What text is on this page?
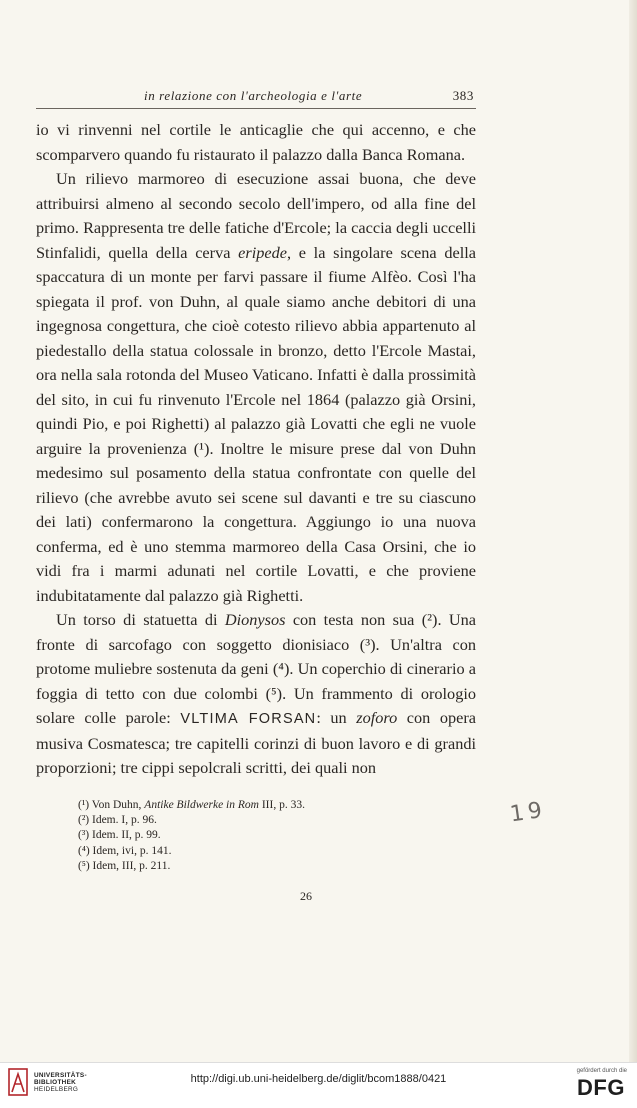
in relazione con l'archeologia e l'arte	383

io vi rinvenni nel cortile le anticaglie che qui accenno, e che scomparvero quando fu ristaurato il palazzo dalla Banca Romana.

Un rilievo marmoreo di esecuzione assai buona, che deve attribuirsi almeno al secondo secolo dell'impero, od alla fine del primo. Rappresenta tre delle fatiche d'Ercole; la caccia degli uccelli Stinfalidi, quella della cerva eripede, e la singolare scena della spaccatura di un monte per farvi passare il fiume Alfèo. Così l'ha spiegata il prof. von Duhn, al quale siamo anche debitori di una ingegnosa congettura, che cioè cotesto rilievo abbia appartenuto al piedestallo della statua colossale in bronzo, detto l'Ercole Mastai, ora nella sala rotonda del Museo Vaticano. Infatti è dalla prossimità del sito, in cui fu rinvenuto l'Ercole nel 1864 (palazzo già Orsini, quindi Pio, e poi Righetti) al palazzo già Lovatti che egli ne vuole arguire la provenienza (¹). Inoltre le misure prese dal von Duhn medesimo sul posamento della statua confrontate con quelle del rilievo (che avrebbe avuto sei scene sul davanti e tre su ciascuno dei lati) confermarono la congettura. Aggiungo io una nuova conferma, ed è uno stemma marmoreo della Casa Orsini, che io vidi fra i marmi adunati nel cortile Lovatti, e che proviene indubitatamente dal palazzo già Righetti.

Un torso di statuetta di Dionysos con testa non sua (²). Una fronte di sarcofago con soggetto dionisiaco (³). Un'altra con protome muliebre sostenuta da geni (⁴). Un coperchio di cinerario a foggia di tetto con due colombi (⁵). Un frammento di orologio solare colle parole: VLTIMA FORSAN: un zoforo con opera musiva Cosmatesca; tre capitelli corinzi di buon lavoro e di grandi proporzioni; tre cippi sepolcrali scritti, dei quali non

(¹) Von Duhn, Antike Bildwerke in Rom III, p. 33.
(²) Idem. I, p. 96.
(³) Idem. II, p. 99.
(⁴) Idem, ivi, p. 141.
(⁵) Idem, III, p. 211.
26
19
UNIVERSITÄTS-
BIBLIOTHEK
HEIDELBERG
http://digi.ub.uni-heidelberg.de/diglit/bcom1888/0421
gefördert durch die
DFG
